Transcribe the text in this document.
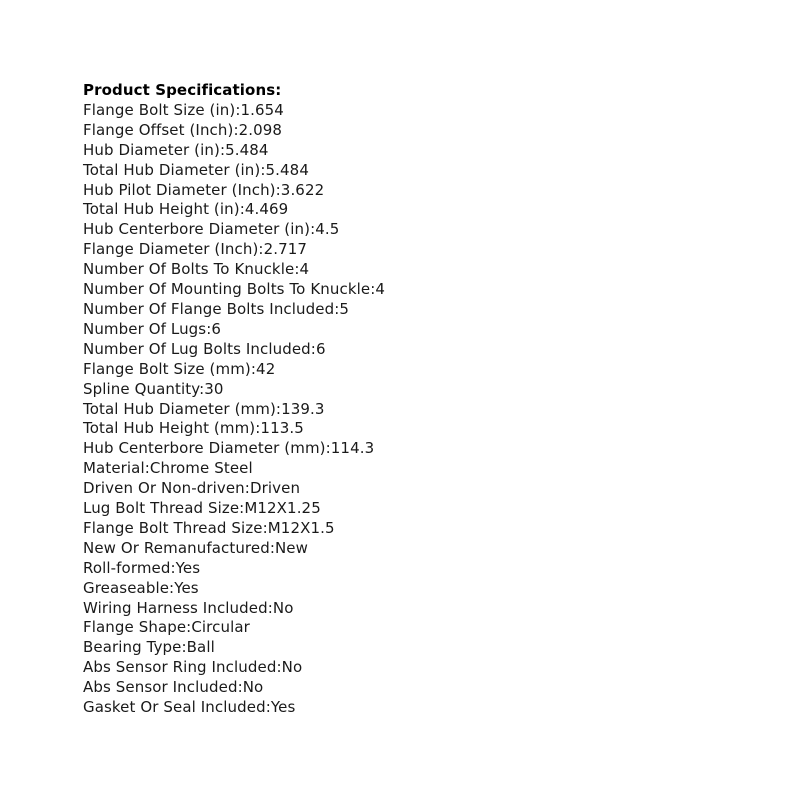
Product Specifications:
Flange Bolt Size (in):1.654
Flange Offset (Inch):2.098
Hub Diameter (in):5.484
Total Hub Diameter (in):5.484
Hub Pilot Diameter (Inch):3.622
Total Hub Height (in):4.469
Hub Centerbore Diameter (in):4.5
Flange Diameter (Inch):2.717
Number Of Bolts To Knuckle:4
Number Of Mounting Bolts To Knuckle:4
Number Of Flange Bolts Included:5
Number Of Lugs:6
Number Of Lug Bolts Included:6
Flange Bolt Size (mm):42
Spline Quantity:30
Total Hub Diameter (mm):139.3
Total Hub Height (mm):113.5
Hub Centerbore Diameter (mm):114.3
Material:Chrome Steel
Driven Or Non-driven:Driven
Lug Bolt Thread Size:M12X1.25
Flange Bolt Thread Size:M12X1.5
New Or Remanufactured:New
Roll-formed:Yes
Greaseable:Yes
Wiring Harness Included:No
Flange Shape:Circular
Bearing Type:Ball
Abs Sensor Ring Included:No
Abs Sensor Included:No
Gasket Or Seal Included:Yes
